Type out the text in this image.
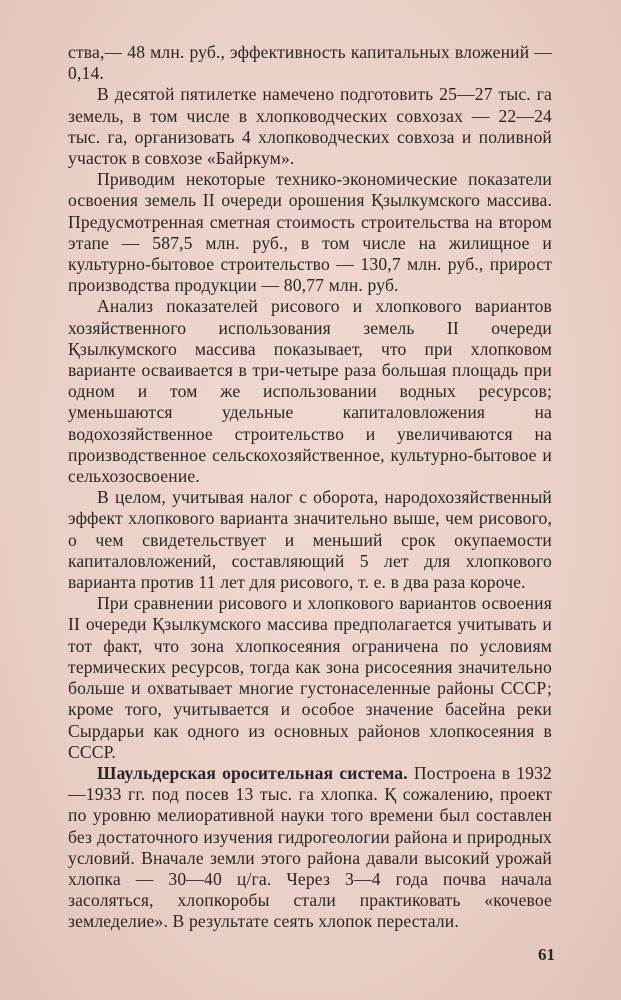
ства,— 48 млн. руб., эффективность капитальных вложений — 0,14.

В десятой пятилетке намечено подготовить 25—27 тыс. га земель, в том числе в хлопководческих совхозах — 22—24 тыс. га, организовать 4 хлопководческих совхоза и поливной участок в совхозе «Байркум».

Приводим некоторые технико-экономические показатели освоения земель II очереди орошения Қзылкумского массива. Предусмотренная сметная стоимость строительства на втором этапе — 587,5 млн. руб., в том числе на жилищное и культурно-бытовое строительство — 130,7 млн. руб., прирост производства продукции — 80,77 млн. руб.

Анализ показателей рисового и хлопкового вариантов хозяйственного использования земель II очереди Қзылкумского массива показывает, что при хлопковом варианте осваивается в три-четыре раза большая площадь при одном и том же использовании водных ресурсов; уменьшаются удельные капиталовложения на водохозяйственное строительство и увеличиваются на производственное сельскохозяйственное, культурно-бытовое и сельхозосвоение.

В целом, учитывая налог с оборота, народохозяйственный эффект хлопкового варианта значительно выше, чем рисового, о чем свидетельствует и меньший срок окупаемости капиталовложений, составляющий 5 лет для хлопкового варианта против 11 лет для рисового, т. е. в два раза короче.

При сравнении рисового и хлопкового вариантов освоения II очереди Қзылкумского массива предполагается учитывать и тот факт, что зона хлопкосеяния ограничена по условиям термических ресурсов, тогда как зона рисосеяния значительно больше и охватывает многие густонаселенные районы СССР; кроме того, учитывается и особое значение басейна реки Сырдарьи как одного из основных районов хлопкосеяния в СССР.

Шаульдерская оросительная система. Построена в 1932—1933 гг. под посев 13 тыс. га хлопка. Қ сожалению, проект по уровню мелиоративной науки того времени был составлен без достаточного изучения гидрогеологии района и природных условий. Вначале земли этого района давали высокий урожай хлопка — 30—40 ц/га. Через 3—4 года почва начала засоляться, хлопкоробы стали практиковать «кочевое земледелие». В результате сеять хлопок перестали.

61
